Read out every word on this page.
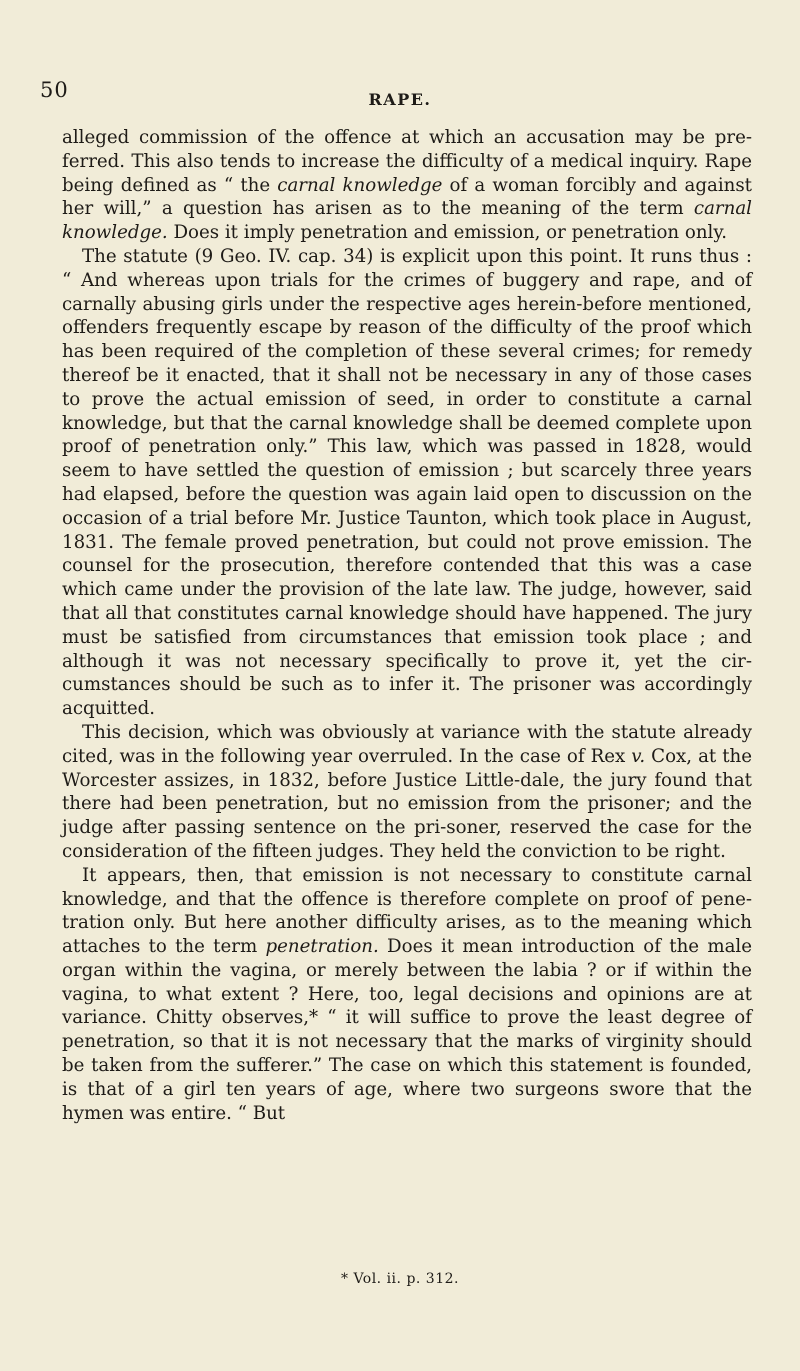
50	RAPE.

alleged commission of the offence at which an accusation may be pre-ferred. This also tends to increase the difficulty of a medical inquiry. Rape being defined as “ the carnal knowledge of a woman forcibly and against her will,” a question has arisen as to the meaning of the term carnal knowledge. Does it imply penetration and emission, or penetration only.

The statute (9 Geo. IV. cap. 34) is explicit upon this point. It runs thus : “ And whereas upon trials for the crimes of buggery and rape, and of carnally abusing girls under the respective ages herein-before mentioned, offenders frequently escape by reason of the difficulty of the proof which has been required of the completion of these several crimes; for remedy thereof be it enacted, that it shall not be necessary in any of those cases to prove the actual emission of seed, in order to constitute a carnal knowledge, but that the carnal knowledge shall be deemed complete upon proof of penetration only.” This law, which was passed in 1828, would seem to have settled the question of emission ; but scarcely three years had elapsed, before the question was again laid open to discussion on the occasion of a trial before Mr. Justice Taunton, which took place in August, 1831. The female proved penetration, but could not prove emission. The counsel for the prosecution, therefore contended that this was a case which came under the provision of the late law. The judge, however, said that all that constitutes carnal knowledge should have happened. The jury must be satisfied from circumstances that emission took place ; and although it was not necessary specifically to prove it, yet the cir-cumstances should be such as to infer it. The prisoner was accordingly acquitted.

This decision, which was obviously at variance with the statute already cited, was in the following year overruled. In the case of Rex v. Cox, at the Worcester assizes, in 1832, before Justice Little-dale, the jury found that there had been penetration, but no emission from the prisoner; and the judge after passing sentence on the pri-soner, reserved the case for the consideration of the fifteen judges. They held the conviction to be right.

It appears, then, that emission is not necessary to constitute carnal knowledge, and that the offence is therefore complete on proof of pene-tration only. But here another difficulty arises, as to the meaning which attaches to the term penetration. Does it mean introduction of the male organ within the vagina, or merely between the labia ? or if within the vagina, to what extent ? Here, too, legal decisions and opinions are at variance. Chitty observes,* “ it will suffice to prove the least degree of penetration, so that it is not necessary that the marks of virginity should be taken from the sufferer.” The case on which this statement is founded, is that of a girl ten years of age, where two surgeons swore that the hymen was entire. “ But

* Vol. ii. p. 312.
